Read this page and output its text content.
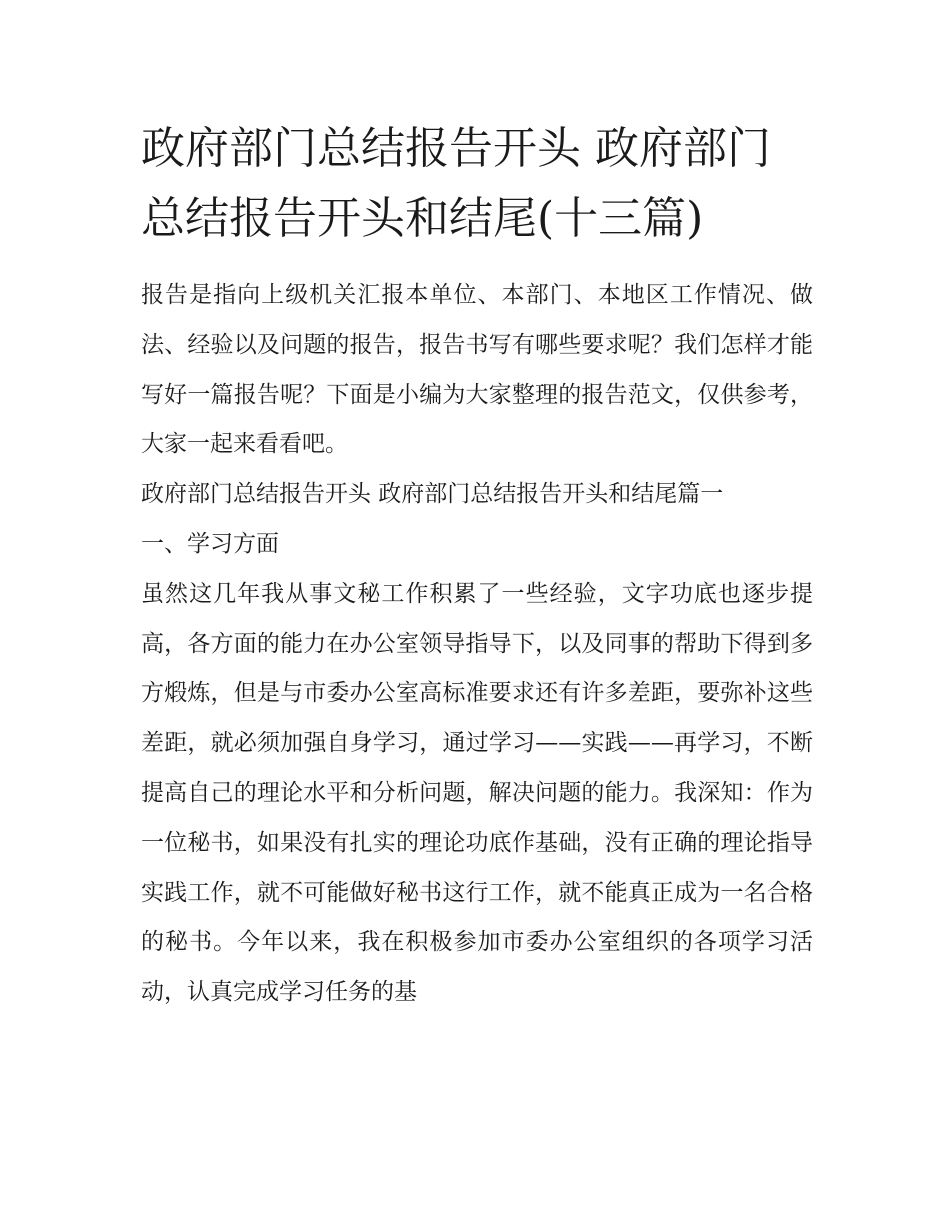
政府部门总结报告开头 政府部门总结报告开头和结尾(十三篇)

报告是指向上级机关汇报本单位、本部门、本地区工作情况、做法、经验以及问题的报告，报告书写有哪些要求呢？我们怎样才能写好一篇报告呢？下面是小编为大家整理的报告范文，仅供参考，大家一起来看看吧。

政府部门总结报告开头 政府部门总结报告开头和结尾篇一

一、学习方面

虽然这几年我从事文秘工作积累了一些经验，文字功底也逐步提高，各方面的能力在办公室领导指导下，以及同事的帮助下得到多方煅炼，但是与市委办公室高标准要求还有许多差距，要弥补这些差距，就必须加强自身学习，通过学习——实践——再学习，不断提高自己的理论水平和分析问题，解决问题的能力。我深知：作为一位秘书，如果没有扎实的理论功底作基础，没有正确的理论指导实践工作，就不可能做好秘书这行工作，就不能真正成为一名合格的秘书。今年以来，我在积极参加市委办公室组织的各项学习活动，认真完成学习任务的基
